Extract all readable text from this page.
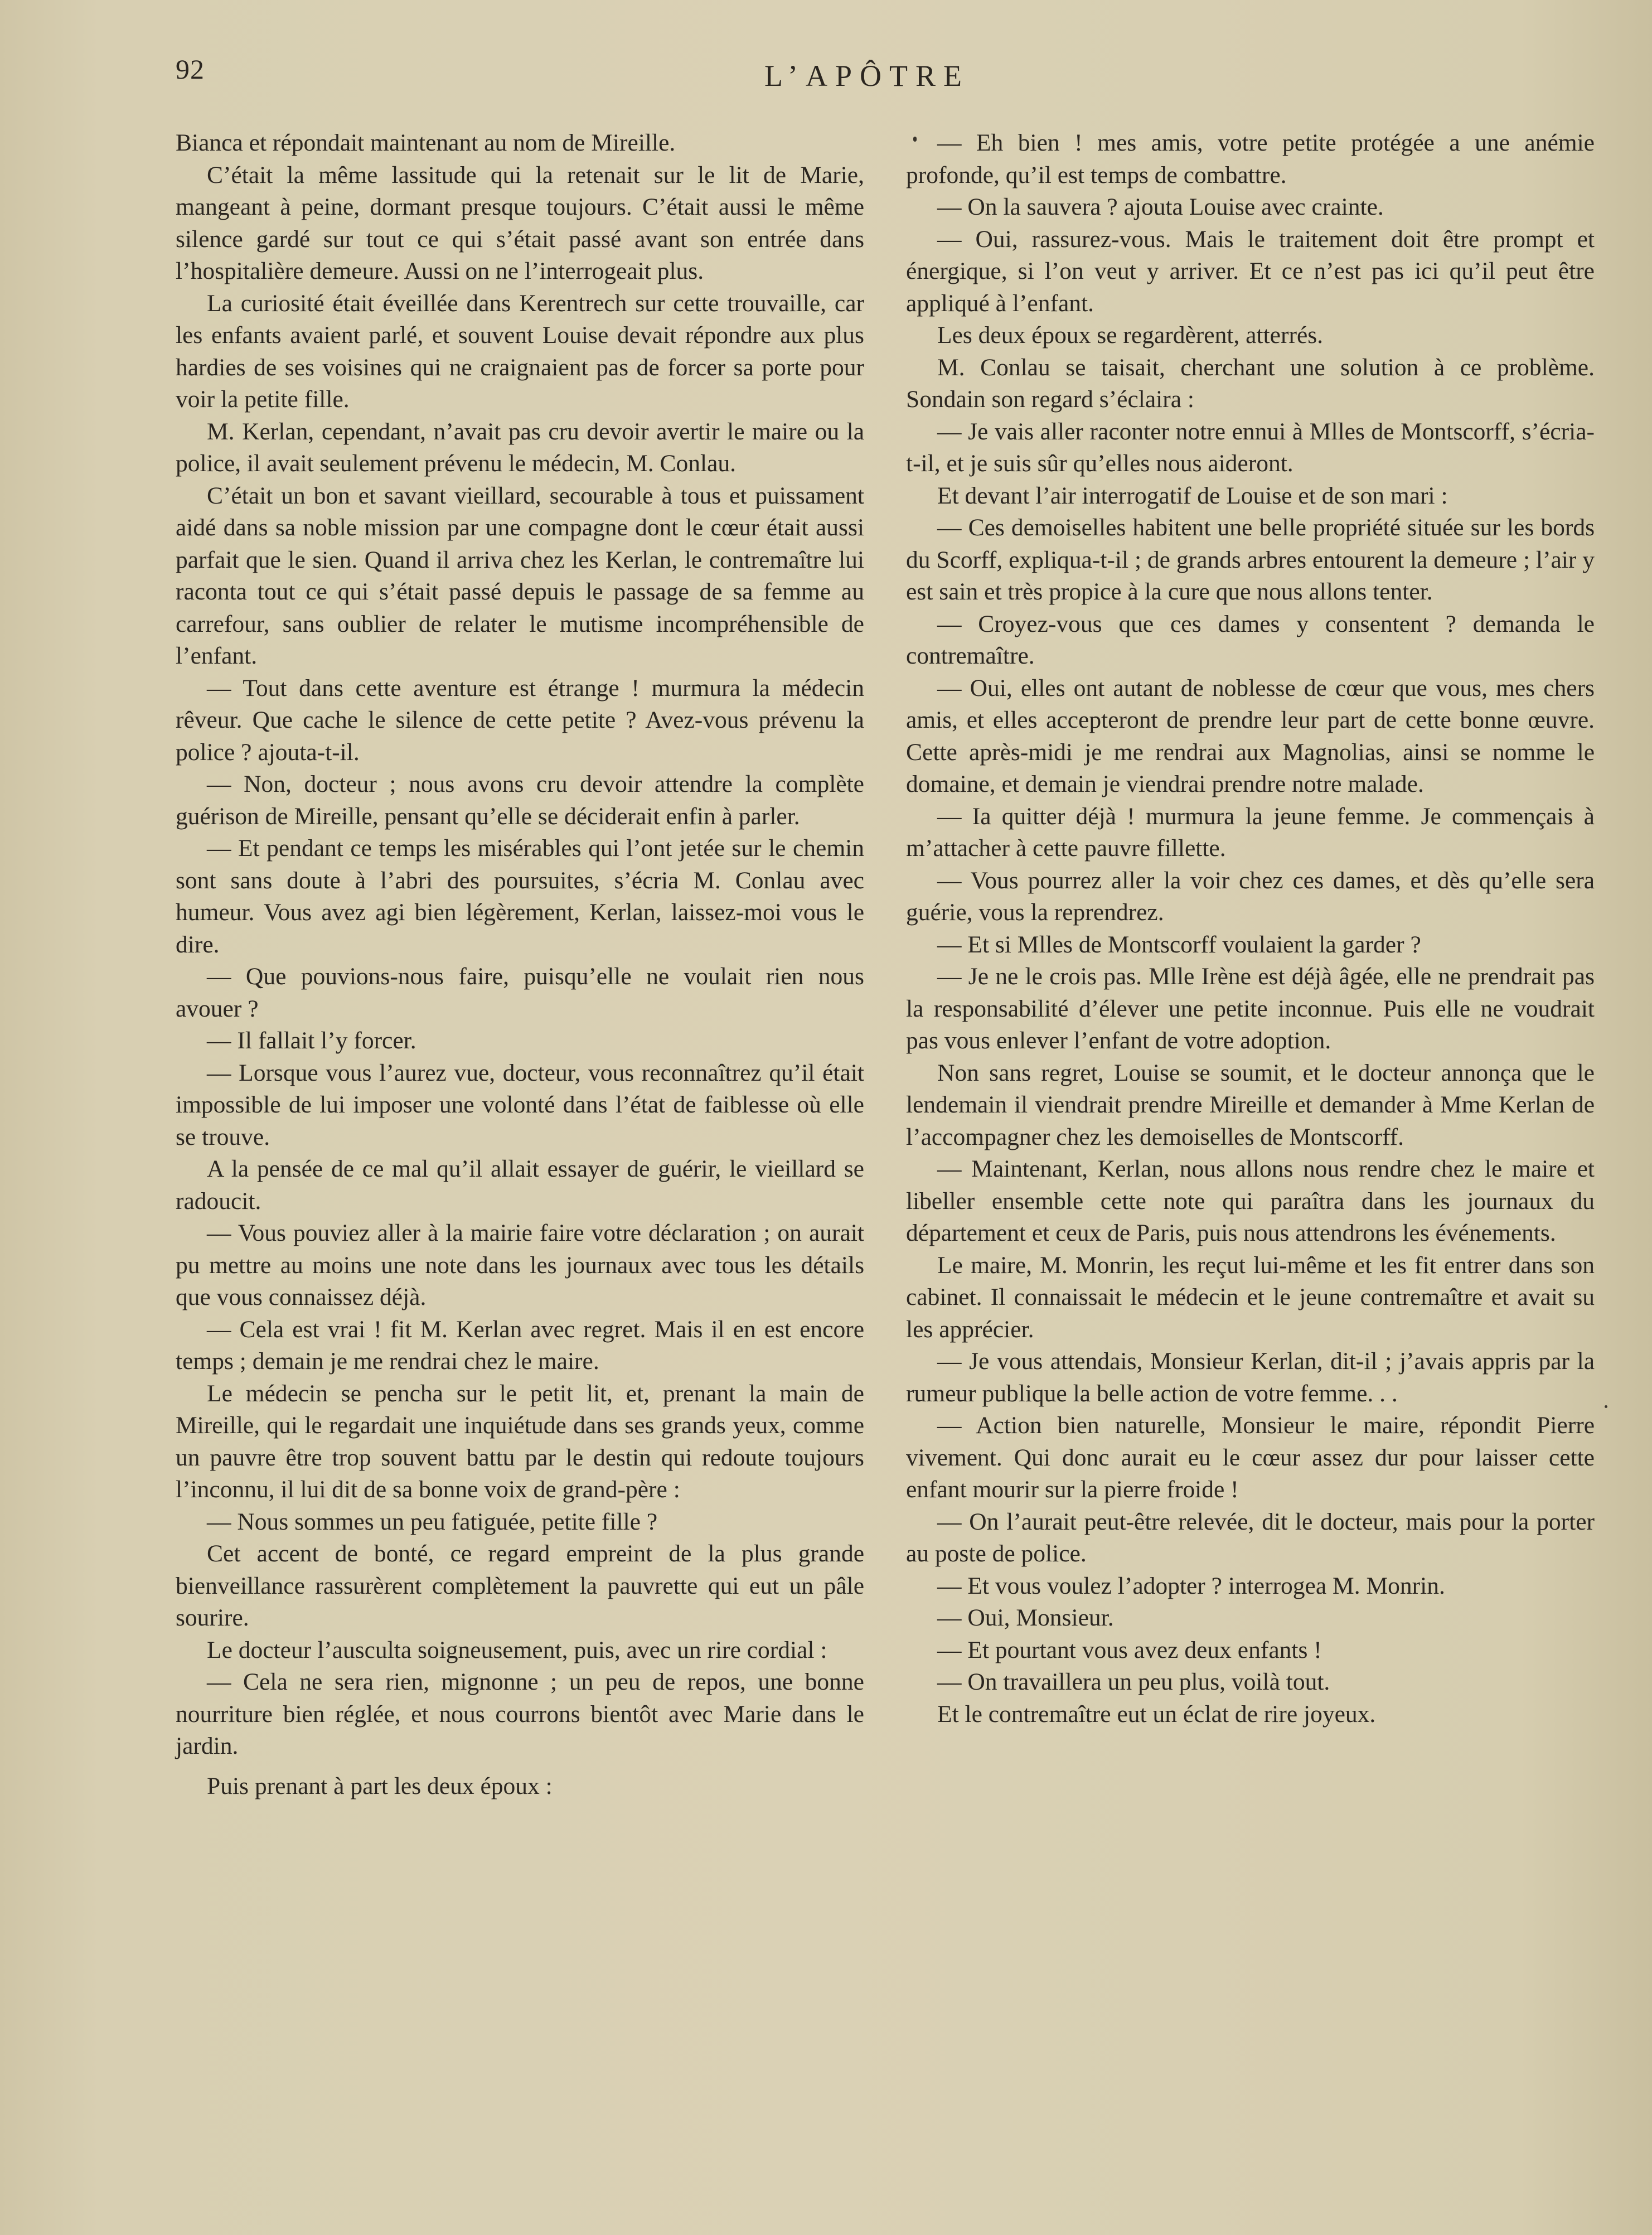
92	L’APÔTRE

Bianca et répondait maintenant au nom de Mireille.

C’était la même lassitude qui la retenait sur le lit de Marie, mangeant à peine, dormant presque toujours. C’était aussi le même silence gardé sur tout ce qui s’était passé avant son entrée dans l’hospitalière demeure. Aussi on ne l’interrogeait plus.

La curiosité était éveillée dans Kerentrech sur cette trouvaille, car les enfants avaient parlé, et souvent Louise devait répondre aux plus hardies de ses voisines qui ne craignaient pas de forcer sa porte pour voir la petite fille.

M. Kerlan, cependant, n’avait pas cru devoir avertir le maire ou la police, il avait seulement prévenu le médecin, M. Conlau.

C’était un bon et savant vieillard, secourable à tous et puissament aidé dans sa noble mission par une compagne dont le cœur était aussi parfait que le sien. Quand il arriva chez les Kerlan, le contremaître lui raconta tout ce qui s’était passé depuis le passage de sa femme au carrefour, sans oublier de relater le mutisme incompréhensible de l’enfant.

— Tout dans cette aventure est étrange ! murmura la médecin rêveur. Que cache le silence de cette petite ? Avez-vous prévenu la police ? ajouta-t-il.

— Non, docteur ; nous avons cru devoir attendre la complète guérison de Mireille, pensant qu’elle se déciderait enfin à parler.

— Et pendant ce temps les misérables qui l’ont jetée sur le chemin sont sans doute à l’abri des poursuites, s’écria M. Conlau avec humeur. Vous avez agi bien légèrement, Kerlan, laissez-moi vous le dire.

— Que pouvions-nous faire, puisqu’elle ne voulait rien nous avouer ?

— Il fallait l’y forcer.

— Lorsque vous l’aurez vue, docteur, vous reconnaîtrez qu’il était impossible de lui imposer une volonté dans l’état de faiblesse où elle se trouve.

A la pensée de ce mal qu’il allait essayer de guérir, le vieillard se radoucit.

— Vous pouviez aller à la mairie faire votre déclaration ; on aurait pu mettre au moins une note dans les journaux avec tous les détails que vous connaissez déjà.

— Cela est vrai ! fit M. Kerlan avec regret. Mais il en est encore temps ; demain je me rendrai chez le maire.

Le médecin se pencha sur le petit lit, et, prenant la main de Mireille, qui le regardait une inquiétude dans ses grands yeux, comme un pauvre être trop souvent battu par le destin qui redoute toujours l’inconnu, il lui dit de sa bonne voix de grand-père :

— Nous sommes un peu fatiguée, petite fille ?

Cet accent de bonté, ce regard empreint de la plus grande bienveillance rassurèrent complètement la pauvrette qui eut un pâle sourire.

Le docteur l’ausculta soigneusement, puis, avec un rire cordial :

— Cela ne sera rien, mignonne ; un peu de repos, une bonne nourriture bien réglée, et nous courrons bientôt avec Marie dans le jardin.

Puis prenant à part les deux époux :

— Eh bien ! mes amis, votre petite protégée a une anémie profonde, qu’il est temps de combattre.

— On la sauvera ? ajouta Louise avec crainte.

— Oui, rassurez-vous. Mais le traitement doit être prompt et énergique, si l’on veut y arriver. Et ce n’est pas ici qu’il peut être appliqué à l’enfant.

Les deux époux se regardèrent, atterrés.

M. Conlau se taisait, cherchant une solution à ce problème. Sondain son regard s’éclaira :

— Je vais aller raconter notre ennui à Mlles de Montscorff, s’écria-t-il, et je suis sûr qu’elles nous aideront.

Et devant l’air interrogatif de Louise et de son mari :

— Ces demoiselles habitent une belle propriété située sur les bords du Scorff, expliqua-t-il ; de grands arbres entourent la demeure ; l’air y est sain et très propice à la cure que nous allons tenter.

— Croyez-vous que ces dames y consentent ? demanda le contremaître.

— Oui, elles ont autant de noblesse de cœur que vous, mes chers amis, et elles accepteront de prendre leur part de cette bonne œuvre. Cette après-midi je me rendrai aux Magnolias, ainsi se nomme le domaine, et demain je viendrai prendre notre malade.

— Ia quitter déjà ! murmura la jeune femme. Je commençais à m’attacher à cette pauvre fillette.

— Vous pourrez aller la voir chez ces dames, et dès qu’elle sera guérie, vous la reprendrez.

— Et si Mlles de Montscorff voulaient la garder ?

— Je ne le crois pas. Mlle Irène est déjà âgée, elle ne prendrait pas la responsabilité d’élever une petite inconnue. Puis elle ne voudrait pas vous enlever l’enfant de votre adoption.

Non sans regret, Louise se soumit, et le docteur annonça que le lendemain il viendrait prendre Mireille et demander à Mme Kerlan de l’accompagner chez les demoiselles de Montscorff.

— Maintenant, Kerlan, nous allons nous rendre chez le maire et libeller ensemble cette note qui paraîtra dans les journaux du département et ceux de Paris, puis nous attendrons les événements.

Le maire, M. Monrin, les reçut lui-même et les fit entrer dans son cabinet. Il connaissait le médecin et le jeune contremaître et avait su les apprécier.

— Je vous attendais, Monsieur Kerlan, dit-il ; j’avais appris par la rumeur publique la belle action de votre femme. . .

— Action bien naturelle, Monsieur le maire, répondit Pierre vivement. Qui donc aurait eu le cœur assez dur pour laisser cette enfant mourir sur la pierre froide !

— On l’aurait peut-être relevée, dit le docteur, mais pour la porter au poste de police.

— Et vous voulez l’adopter ? interrogea M. Monrin.

— Oui, Monsieur.

— Et pourtant vous avez deux enfants !

— On travaillera un peu plus, voilà tout.

Et le contremaître eut un éclat de rire joyeux.
